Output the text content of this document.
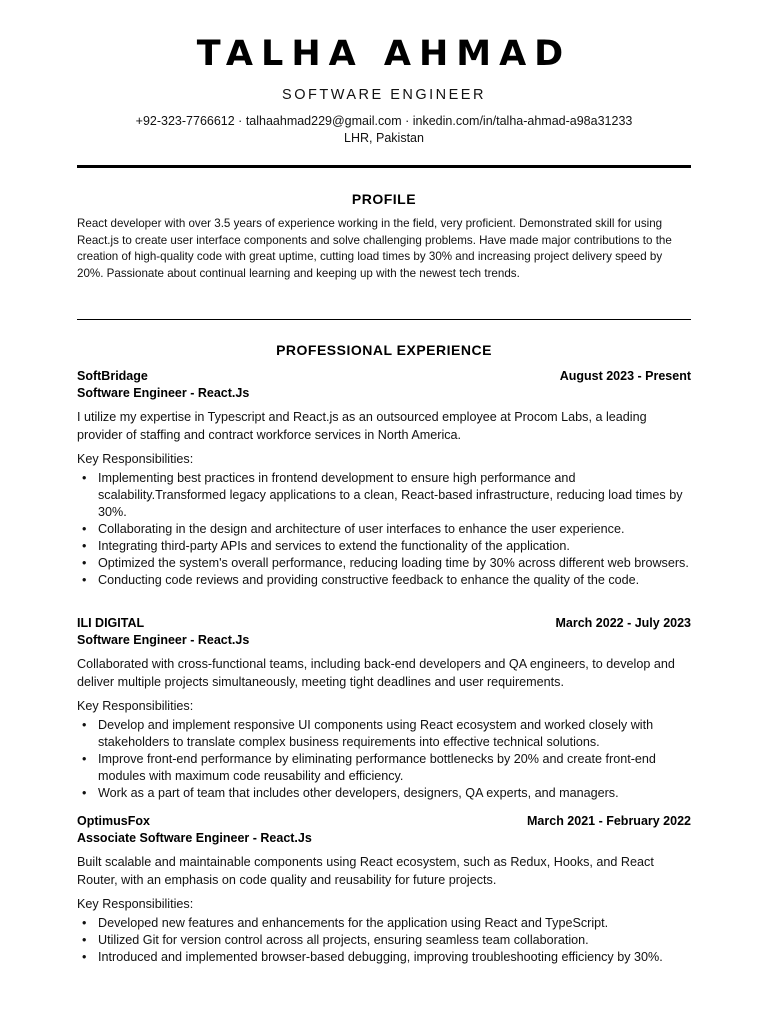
TALHA AHMAD
SOFTWARE ENGINEER
+92-323-7766612 · talhaahmad229@gmail.com · inkedin.com/in/talha-ahmad-a98a31233
LHR, Pakistan
PROFILE
React developer with over 3.5 years of experience working in the field, very proficient. Demonstrated skill for using React.js to create user interface components and solve challenging problems. Have made major contributions to the creation of high-quality code with great uptime, cutting load times by 30% and increasing project delivery speed by 20%. Passionate about continual learning and keeping up with the newest tech trends.
PROFESSIONAL EXPERIENCE
SoftBridage	August 2023 - Present
Software Engineer - React.Js
I utilize my expertise in Typescript and React.js as an outsourced employee at Procom Labs, a leading provider of staffing and contract workforce services in North America.
Key Responsibilities:
• Implementing best practices in frontend development to ensure high performance and scalability.Transformed legacy applications to a clean, React-based infrastructure, reducing load times by 30%.
• Collaborating in the design and architecture of user interfaces to enhance the user experience.
• Integrating third-party APIs and services to extend the functionality of the application.
• Optimized the system's overall performance, reducing loading time by 30% across different web browsers.
• Conducting code reviews and providing constructive feedback to enhance the quality of the code.
ILI DIGITAL	March 2022 - July 2023
Software Engineer - React.Js
Collaborated with cross-functional teams, including back-end developers and QA engineers, to develop and deliver multiple projects simultaneously, meeting tight deadlines and user requirements.
Key Responsibilities:
• Develop and implement responsive UI components using React ecosystem and worked closely with stakeholders to translate complex business requirements into effective technical solutions.
• Improve front-end performance by eliminating performance bottlenecks by 20% and create front-end modules with maximum code reusability and efficiency.
• Work as a part of team that includes other developers, designers, QA experts, and managers.
OptimusFox	March 2021 - February 2022
Associate Software Engineer - React.Js
Built scalable and maintainable components using React ecosystem, such as Redux, Hooks, and React Router, with an emphasis on code quality and reusability for future projects.
Key Responsibilities:
• Developed new features and enhancements for the application using React and TypeScript.
• Utilized Git for version control across all projects, ensuring seamless team collaboration.
• Introduced and implemented browser-based debugging, improving troubleshooting efficiency by 30%.
